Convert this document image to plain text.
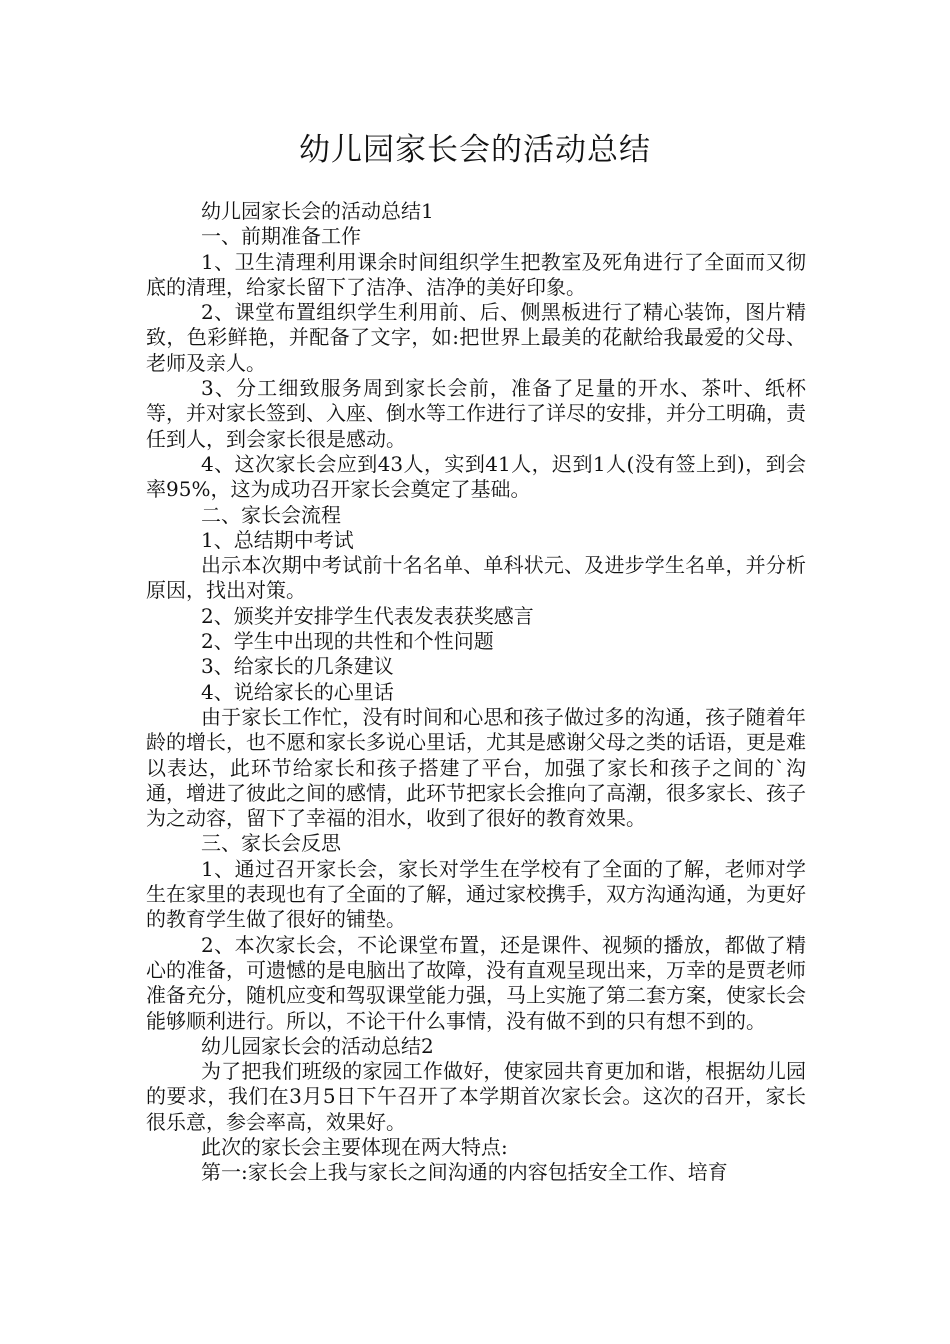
幼儿园家长会的活动总结

幼儿园家长会的活动总结1

一、前期准备工作

1、卫生清理利用课余时间组织学生把教室及死角进行了全面而又彻底的清理，给家长留下了洁净、洁净的美好印象。

2、课堂布置组织学生利用前、后、侧黑板进行了精心装饰，图片精致，色彩鲜艳，并配备了文字，如:把世界上最美的花献给我最爱的父母、老师及亲人。

3、分工细致服务周到家长会前，准备了足量的开水、茶叶、纸杯等，并对家长签到、入座、倒水等工作进行了详尽的安排，并分工明确，责任到人，到会家长很是感动。

4、这次家长会应到43人，实到41人，迟到1人(没有签上到)，到会率95%，这为成功召开家长会奠定了基础。

二、家长会流程

1、总结期中考试

出示本次期中考试前十名名单、单科状元、及进步学生名单，并分析原因，找出对策。

2、颁奖并安排学生代表发表获奖感言

2、学生中出现的共性和个性问题

3、给家长的几条建议

4、说给家长的心里话

由于家长工作忙，没有时间和心思和孩子做过多的沟通，孩子随着年龄的增长，也不愿和家长多说心里话，尤其是感谢父母之类的话语，更是难以表达，此环节给家长和孩子搭建了平台，加强了家长和孩子之间的`沟通，增进了彼此之间的感情，此环节把家长会推向了高潮，很多家长、孩子为之动容，留下了幸福的泪水，收到了很好的教育效果。

三、家长会反思

1、通过召开家长会，家长对学生在学校有了全面的了解，老师对学生在家里的表现也有了全面的了解，通过家校携手，双方沟通沟通，为更好的教育学生做了很好的铺垫。

2、本次家长会，不论课堂布置，还是课件、视频的播放，都做了精心的准备，可遗憾的是电脑出了故障，没有直观呈现出来，万幸的是贾老师准备充分，随机应变和驾驭课堂能力强，马上实施了第二套方案，使家长会能够顺利进行。所以，不论干什么事情，没有做不到的只有想不到的。

幼儿园家长会的活动总结2

为了把我们班级的家园工作做好，使家园共育更加和谐，根据幼儿园的要求，我们在3月5日下午召开了本学期首次家长会。这次的召开，家长很乐意，参会率高，效果好。

此次的家长会主要体现在两大特点:

第一:家长会上我与家长之间沟通的内容包括安全工作、培育
